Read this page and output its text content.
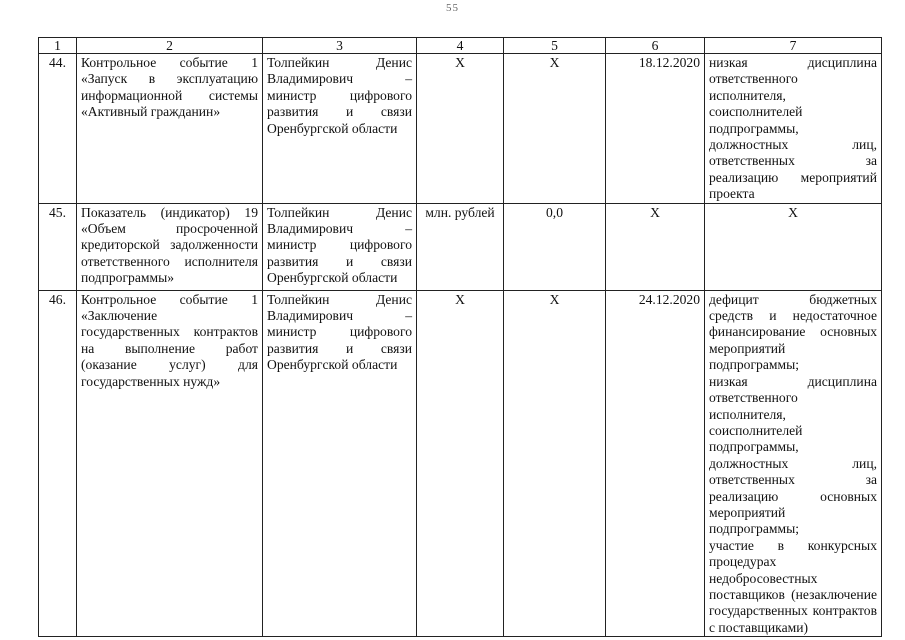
55
1	2	3	4	5	6	7
44.	Контрольное событие 1 «Запуск в эксплуатацию информационной системы «Активный гражданин»	Толпейкин Денис Владимирович – министр цифрового развития и связи Оренбургской области	X	X	18.12.2020	низкая дисциплина ответственного исполнителя, соисполнителей подпрограммы, должностных лиц, ответственных за реализацию мероприятий проекта
45.	Показатель (индикатор) 19 «Объем просроченной кредиторской задолженности ответственного исполнителя подпрограммы»	Толпейкин Денис Владимирович – министр цифрового развития и связи Оренбургской области	млн. рублей	0,0	X	X
46.	Контрольное событие 1 «Заключение государственных контрактов на выполнение работ (оказание услуг) для государственных нужд»	Толпейкин Денис Владимирович – министр цифрового развития и связи Оренбургской области	X	X	24.12.2020	дефицит бюджетных средств и недостаточное финансирование основных мероприятий подпрограммы;
низкая дисциплина ответственного исполнителя, соисполнителей подпрограммы, должностных лиц, ответственных за реализацию основных мероприятий подпрограммы;
участие в конкурсных процедурах недобросовестных поставщиков (незаключение государственных контрактов с поставщиками)
